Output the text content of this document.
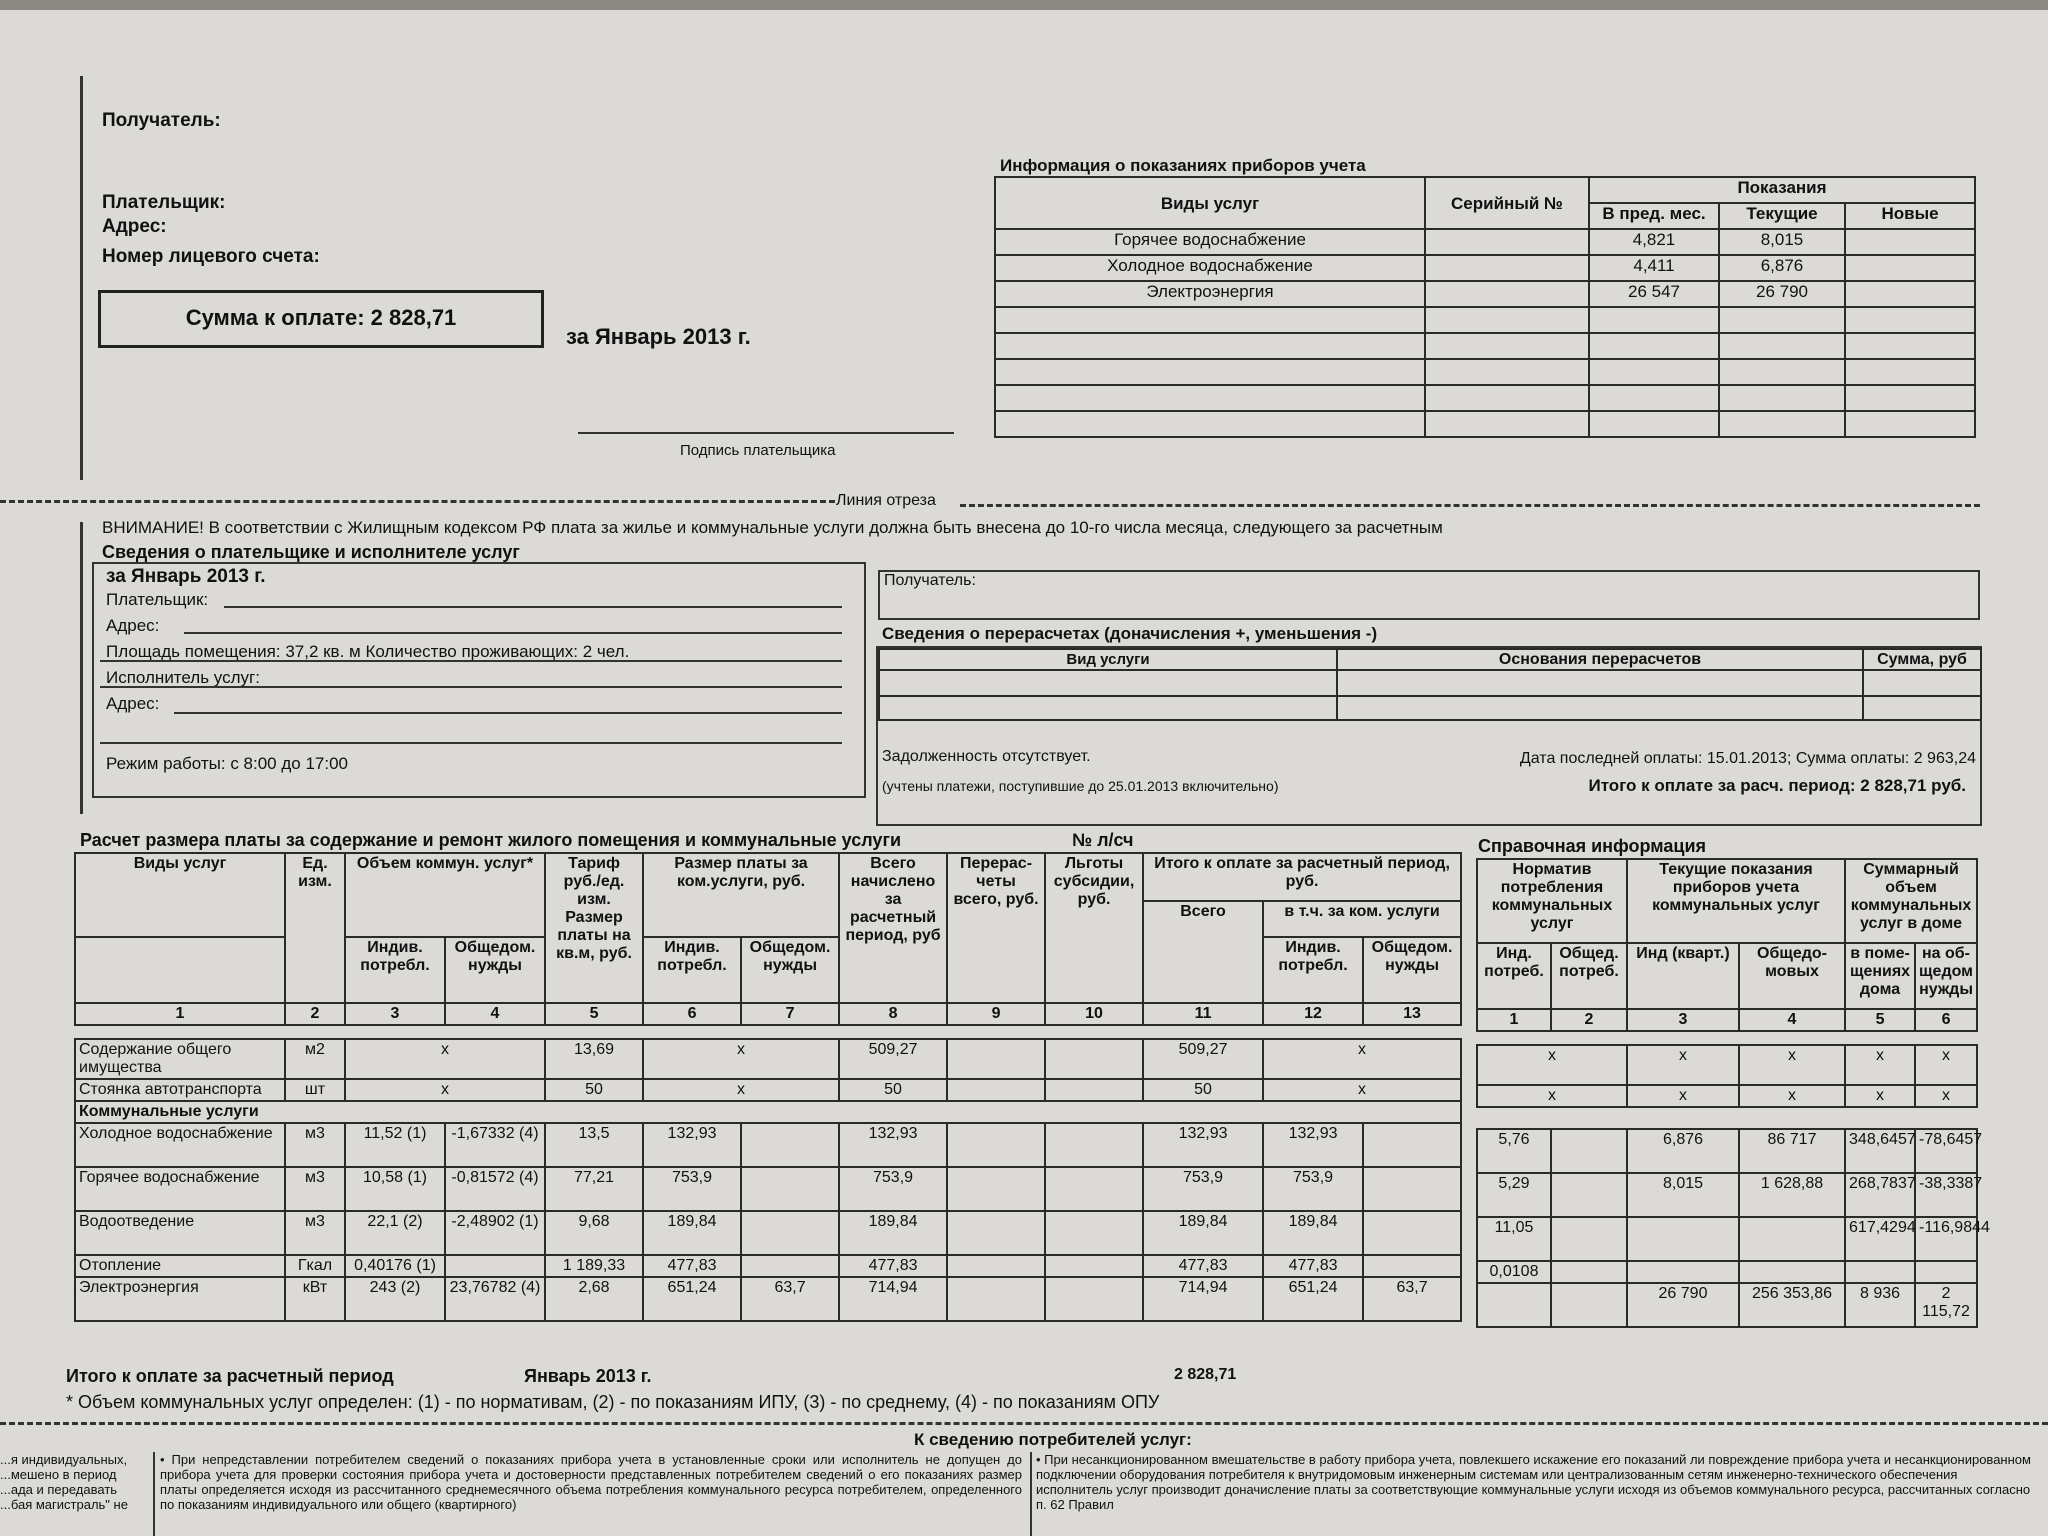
Получатель:
Плательщик:
Адрес:
Номер лицевого счета:
Сумма к оплате: 2 828,71
за Январь 2013 г.
Подпись плательщика
Информация о показаниях приборов учета
Виды услуг	Серийный №	Показания		
		В пред. мес.	Текущие	Новые
Горячее водоснабжение		4,821	8,015	
Холодное водоснабжение		4,411	6,876	
Электроэнергия		26 547	26 790	

Линия отреза
ВНИМАНИЕ! В соответствии с Жилищным кодексом РФ плата за жилье и коммунальные услуги должна быть внесена до 10-го числа месяца, следующего за расчетным
Сведения о плательщике и исполнителе услуг
за Январь 2013 г.
Плательщик:
Адрес:
Площадь помещения: 37,2 кв. м Количество проживающих: 2 чел.
Исполнитель услуг:
Адрес:
Режим работы: с 8:00 до 17:00
Получатель:
Сведения о перерасчетах (доначисления +, уменьшения -)
Вид услуги	Основания перерасчетов	Сумма, руб

Задолженность отсутствует.	Дата последней оплаты: 15.01.2013; Сумма оплаты: 2 963,24
(учтены платежи, поступившие до 25.01.2013 включительно)	Итого к оплате за расч. период: 2 828,71 руб.
Расчет размера платы за содержание и ремонт жилого помещения и коммунальные услуги	№ л/сч
Виды услуг	Ед. изм.	Объем коммун. услуг*		Тариф руб./ед. изм. Размер платы на кв.м, руб.	Размер платы за ком.услуги, руб.		Всего начислено за расчетный период, руб	Перерас-четы всего, руб.	Льготы субсидии, руб.	Итого к оплате за расчетный период, руб.		
										Всего	в т.ч. за ком. услуги	
		Индив. потребл.	Общедом. нужды		Индив. потребл.	Общедом. нужды					Индив. потребл.	Общедом. нужды
1	2	3	4	5	6	7	8	9	10	11	12	13

Содержание общего имущества	м2	х		13,69	х		509,27			509,27	х	
Стоянка автотранспорта	шт	х		50	х		50			50	х	
Коммунальные услуги												
Холодное водоснабжение	м3	11,52 (1)	-1,67332 (4)	13,5	132,93		132,93			132,93	132,93	
Горячее водоснабжение	м3	10,58 (1)	-0,81572 (4)	77,21	753,9		753,9			753,9	753,9	
Водоотведение	м3	22,1 (2)	-2,48902 (1)	9,68	189,84		189,84			189,84	189,84	
Отопление	Гкал	0,40176 (1)		1 189,33	477,83		477,83			477,83	477,83	
Электроэнергия	кВт	243 (2)	23,76782 (4)	2,68	651,24	63,7	714,94			714,94	651,24	63,7
Справочная информация
Норматив потребления коммунальных услуг		Текущие показания приборов учета коммунальных услуг		Суммарный объем коммунальных услуг в доме	
Инд. потреб.	Общед. потреб.	Инд (кварт.)	Общедо-мовых	в поме-щениях дома	на об-щедом нужды
1	2	3	4	5	6

х		х	х	х	х
х		х	х	х	х

5,76		6,876	86 717	348,6457	-78,6457
5,29		8,015	1 628,88	268,7837	-38,3387
11,05				617,4294	-116,9844
0,0108					
		26 790	256 353,86	8 936	2 115,72
Итого к оплате за расчетный период	Январь 2013 г.	2 828,71
* Объем коммунальных услуг определен: (1) - по нормативам, (2) - по показаниям ИПУ, (3) - по среднему, (4) - по показаниям ОПУ
К сведению потребителей услуг:
...я индивидуальных, ...мешено в период ...ада и передавать ...бая магистраль" не
• При непредставлении потребителем сведений о показаниях прибора учета в установленные сроки или исполнитель не допущен до прибора учета для проверки состояния прибора учета и достоверности представленных потребителем сведений о его показаниях размер платы определяется исходя из рассчитанного среднемесячного объема потребления коммунального ресурса потребителем, определенного по показаниям индивидуального или общего (квартирного)
• При несанкционированном вмешательстве в работу прибора учета, повлекшего искажение его показаний ли повреждение прибора учета и несанкционированном подключении оборудования потребителя к внутридомовым инженерным системам или централизованным сетям инженерно-технического обеспечения исполнитель услуг производит доначисление платы за соответствующие коммунальные услуги исходя из объемов коммунального ресурса, рассчитанных согласно п. 62 Правил
